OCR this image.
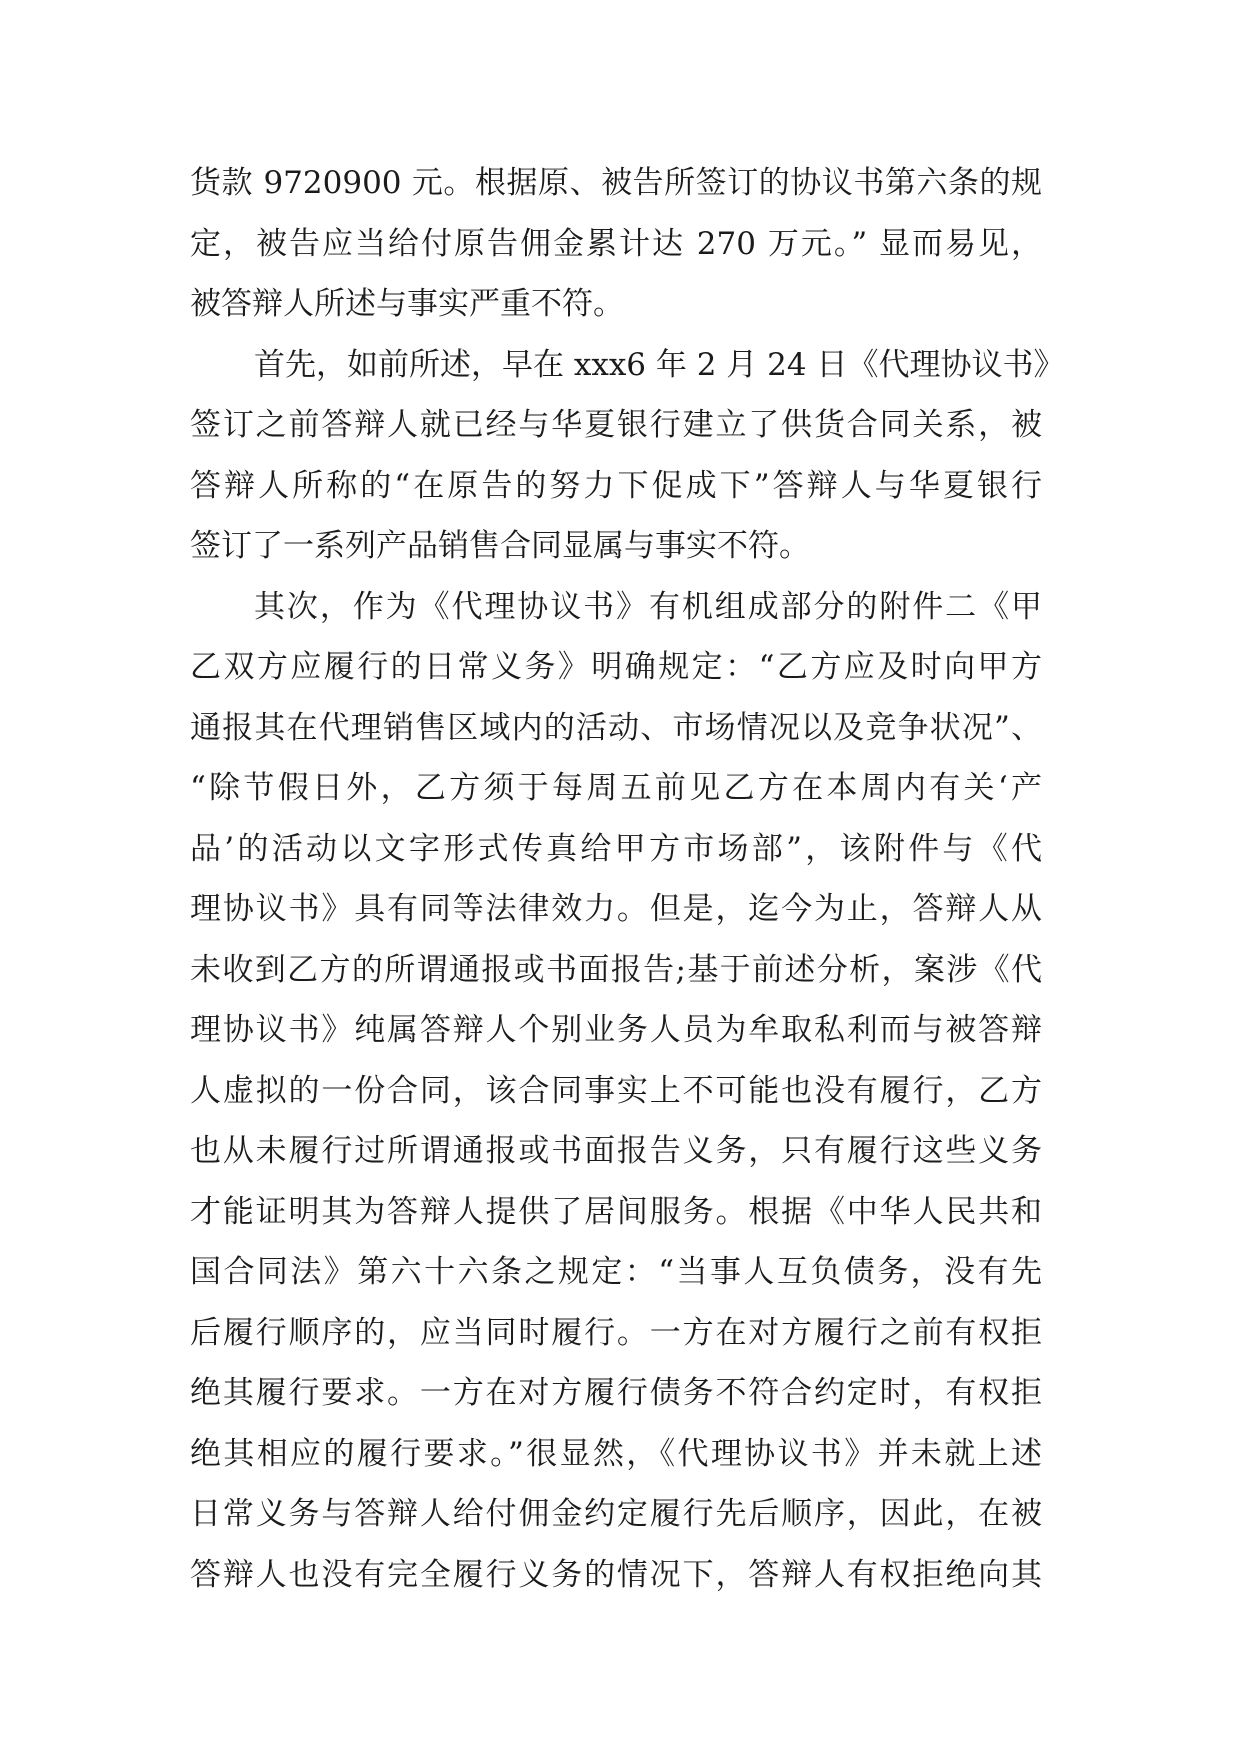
货款 9720900 元。根据原、被告所签订的协议书第六条的规
定，被告应当给付原告佣金累计达 270 万元。” 显而易见，
被答辩人所述与事实严重不符。
首先，如前所述，早在 xxx6 年 2 月 24 日《代理协议书》
签订之前答辩人就已经与华夏银行建立了供货合同关系，被
答辩人所称的“在原告的努力下促成下”答辩人与华夏银行
签订了一系列产品销售合同显属与事实不符。
其次，作为《代理协议书》有机组成部分的附件二《甲
乙双方应履行的日常义务》明确规定：“乙方应及时向甲方
通报其在代理销售区域内的活动、市场情况以及竞争状况”、
“除节假日外，乙方须于每周五前见乙方在本周内有关‘产
品’的活动以文字形式传真给甲方市场部”，该附件与《代
理协议书》具有同等法律效力。但是，迄今为止，答辩人从
未收到乙方的所谓通报或书面报告;基于前述分析，案涉《代
理协议书》纯属答辩人个别业务人员为牟取私利而与被答辩
人虚拟的一份合同，该合同事实上不可能也没有履行，乙方
也从未履行过所谓通报或书面报告义务，只有履行这些义务
才能证明其为答辩人提供了居间服务。根据《中华人民共和
国合同法》第六十六条之规定：“当事人互负债务，没有先
后履行顺序的，应当同时履行。一方在对方履行之前有权拒
绝其履行要求。一方在对方履行债务不符合约定时，有权拒
绝其相应的履行要求。”很显然，《代理协议书》并未就上述
日常义务与答辩人给付佣金约定履行先后顺序，因此，在被
答辩人也没有完全履行义务的情况下，答辩人有权拒绝向其
